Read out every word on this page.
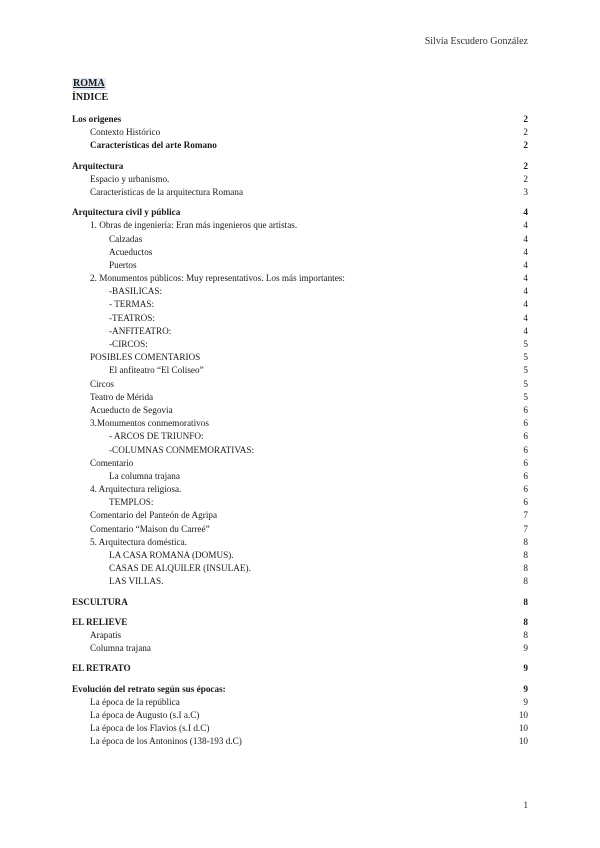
Silvia Escudero González
ROMA
ÍNDICE
Los origenes	2
Contexto Histórico	2
Características del arte Romano	2
Arquitectura	2
Espacio y urbanismo.	2
Características de la arquitectura Romana	3
Arquitectura civil y pública	4
1. Obras de ingeniería: Eran más ingenieros que artistas.	4
Calzadas	4
Acueductos	4
Puertos	4
2. Monumentos públicos: Muy representativos. Los más importantes:	4
-BASILICAS:	4
- TERMAS:	4
-TEATROS:	4
-ANFITEATRO:	4
-CIRCOS:	5
POSIBLES COMENTARIOS	5
El anfiteatro “El Coliseo”	5
Circos	5
Teatro de Mérida	5
Acueducto de Segovia	6
3.Monumentos conmemorativos	6
- ARCOS DE TRIUNFO:	6
-COLUMNAS CONMEMORATIVAS:	6
Comentario	6
La columna trajana	6
4. Arquitectura religiosa.	6
TEMPLOS:	6
Comentario del Panteón de Agripa	7
Comentario “Maison du Carreé”	7
5. Arquitectura doméstica.	8
LA CASA ROMANA (DOMUS).	8
CASAS DE ALQUILER (INSULAE).	8
LAS VILLAS.	8
ESCULTURA	8
EL RELIEVE	8
Arapatis	8
Columna trajana	9
EL RETRATO	9
Evolución del retrato según sus épocas:	9
La época de la república	9
La época de Augusto (s.I a.C)	10
La época de los Flavios (s.I d.C)	10
La época de los Antoninos (138-193 d.C)	10
1
